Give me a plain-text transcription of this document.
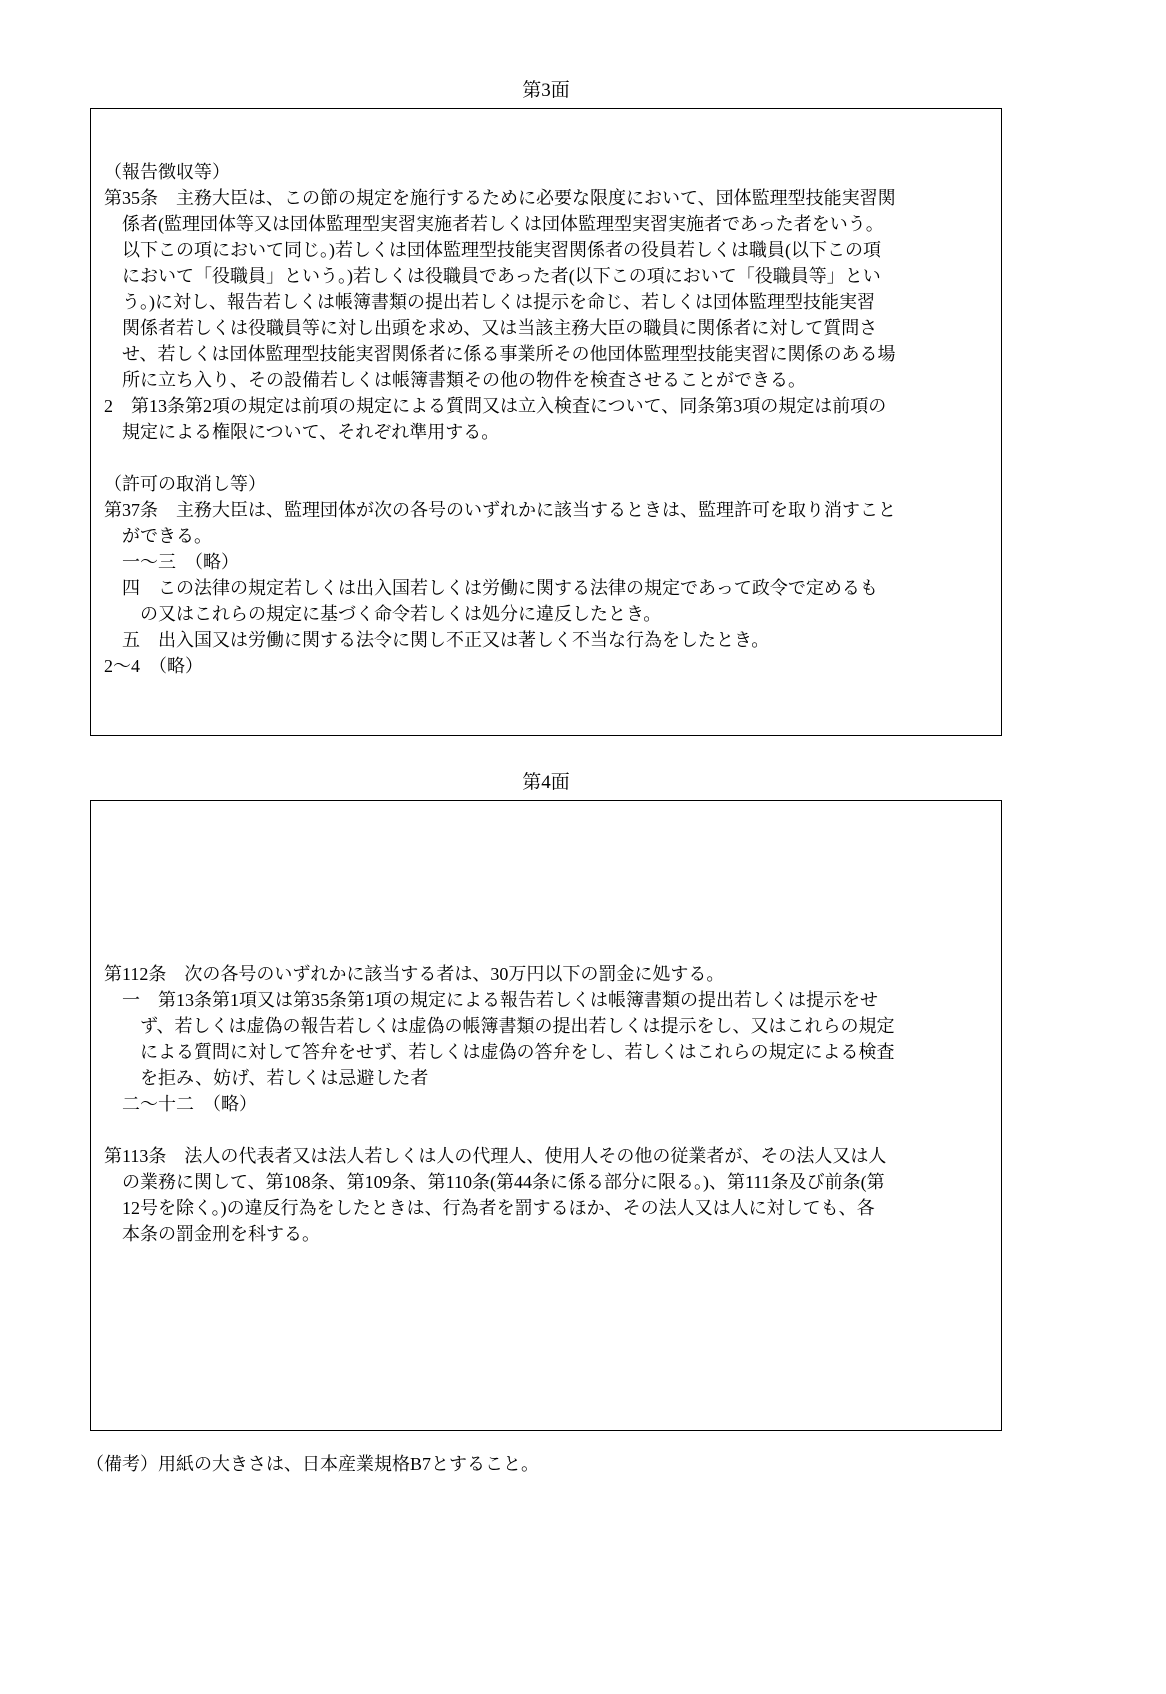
第3面
（報告徴収等）
第35条　主務大臣は、この節の規定を施行するために必要な限度において、団体監理型技能実習関
　係者(監理団体等又は団体監理型実習実施者若しくは団体監理型実習実施者であった者をいう。
　以下この項において同じ。)若しくは団体監理型技能実習関係者の役員若しくは職員(以下この項
　において「役職員」という。)若しくは役職員であった者(以下この項において「役職員等」とい
　う。)に対し、報告若しくは帳簿書類の提出若しくは提示を命じ、若しくは団体監理型技能実習
　関係者若しくは役職員等に対し出頭を求め、又は当該主務大臣の職員に関係者に対して質問さ
　せ、若しくは団体監理型技能実習関係者に係る事業所その他団体監理型技能実習に関係のある場
　所に立ち入り、その設備若しくは帳簿書類その他の物件を検査させることができる。
2　第13条第2項の規定は前項の規定による質問又は立入検査について、同条第3項の規定は前項の
　規定による権限について、それぞれ準用する。
（許可の取消し等）
第37条　主務大臣は、監理団体が次の各号のいずれかに該当するときは、監理許可を取り消すこと
　ができる。
　一〜三　（略）
　四　この法律の規定若しくは出入国若しくは労働に関する法律の規定であって政令で定めるも
　　の又はこれらの規定に基づく命令若しくは処分に違反したとき。
　五　出入国又は労働に関する法令に関し不正又は著しく不当な行為をしたとき。
2〜4　（略）
第4面
第112条　次の各号のいずれかに該当する者は、30万円以下の罰金に処する。
　一　第13条第1項又は第35条第1項の規定による報告若しくは帳簿書類の提出若しくは提示をせ
　　ず、若しくは虚偽の報告若しくは虚偽の帳簿書類の提出若しくは提示をし、又はこれらの規定
　　による質問に対して答弁をせず、若しくは虚偽の答弁をし、若しくはこれらの規定による検査
　　を拒み、妨げ、若しくは忌避した者
　二〜十二　（略）
第113条　法人の代表者又は法人若しくは人の代理人、使用人その他の従業者が、その法人又は人
　の業務に関して、第108条、第109条、第110条(第44条に係る部分に限る。)、第111条及び前条(第
　12号を除く。)の違反行為をしたときは、行為者を罰するほか、その法人又は人に対しても、各
　本条の罰金刑を科する。
（備考）用紙の大きさは、日本産業規格B7とすること。
